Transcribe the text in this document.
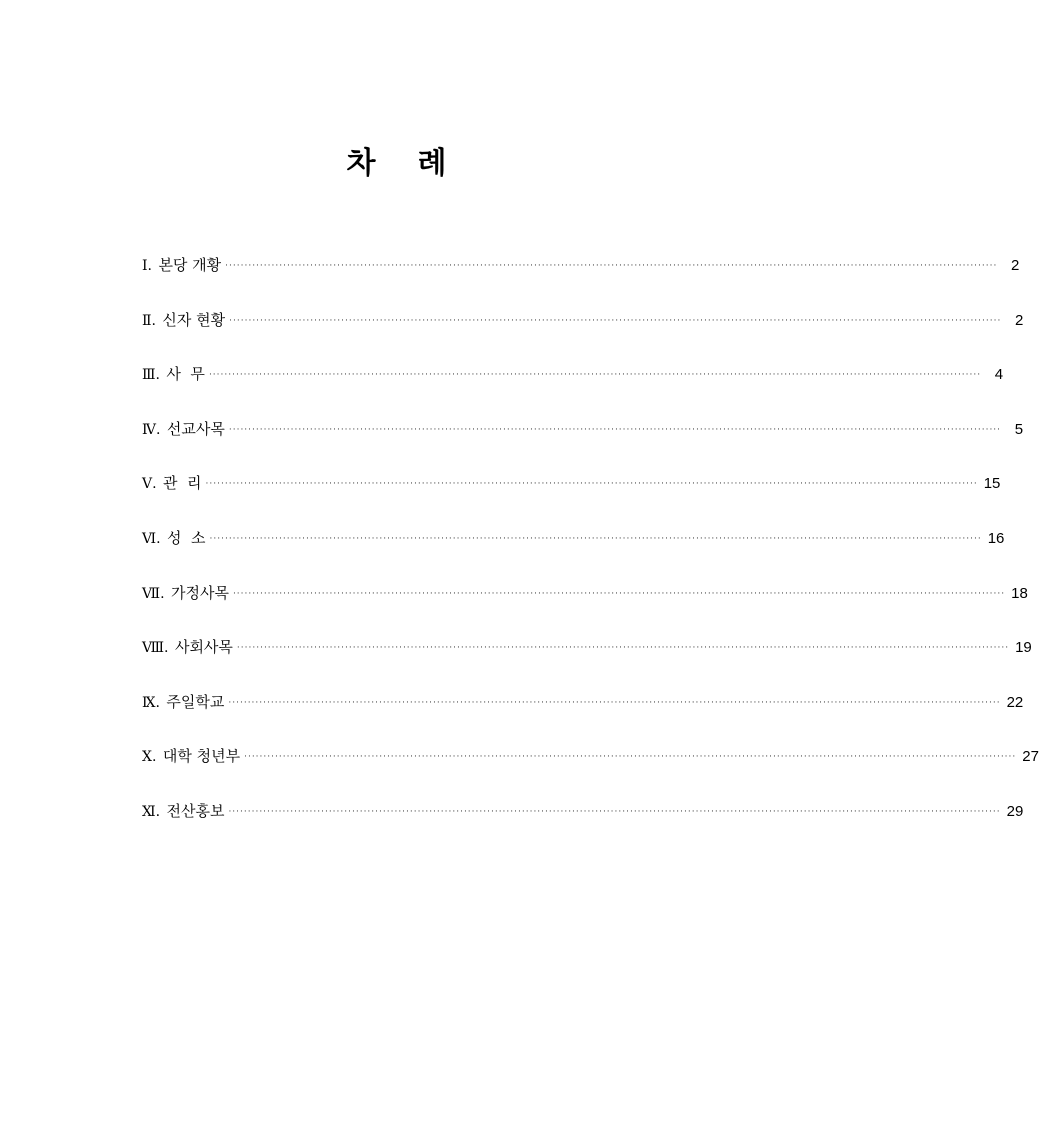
차 례
Ⅰ. 본당 개황 ········································································································································································································ 2
Ⅱ. 신자 현황 ········································································································································································································ 2
Ⅲ. 사  무 ········································································································································································································ 4
Ⅳ. 선교사목 ········································································································································································································ 5
Ⅴ. 관  리 ········································································································································································································ 15
Ⅵ. 성  소 ········································································································································································································ 16
Ⅶ. 가정사목 ········································································································································································································ 18
Ⅷ. 사회사목 ········································································································································································································ 19
Ⅸ. 주일학교 ········································································································································································································ 22
Ⅹ. 대학 청년부 ········································································································································································································ 27
Ⅺ. 전산홍보 ········································································································································································································ 29
